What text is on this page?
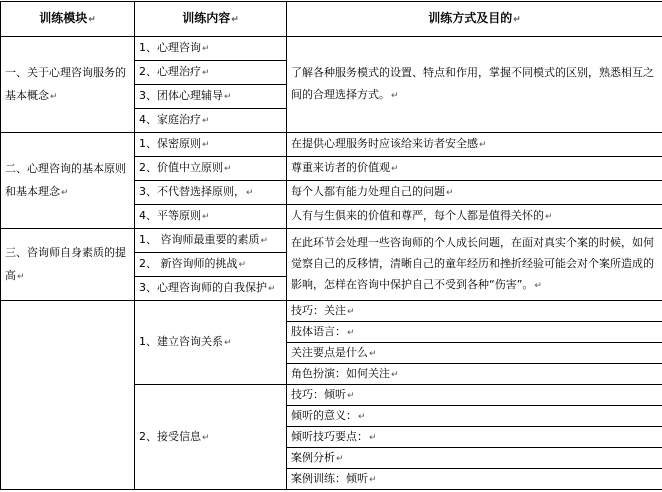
训练模块↵	训练内容↵	训练方式及目的↵
一、关于心理咨询服务的基本概念↵	1、心理咨询↵	了解各种服务模式的设置、特点和作用，掌握不同模式的区别，熟悉相互之间的合理选择方式。↵
	2、心理治疗↵	
	3、团体心理辅导↵	
	4、家庭治疗↵	
二、心理咨询的基本原则和基本理念↵	1、保密原则↵	在提供心理服务时应该给来访者安全感↵
	2、价值中立原则↵	尊重来访者的价值观↵
	3、不代替选择原则，↵	每个人都有能力处理自己的问题↵
	4、平等原则↵	人有与生俱来的价值和尊严，每个人都是值得关怀的↵
三、咨询师自身素质的提高↵	1、 咨询师最重要的素质↵	在此环节会处理一些咨询师的个人成长问题，在面对真实个案的时候，如何觉察自己的反移情，清晰自己的童年经历和挫折经验可能会对个案所造成的影响，怎样在咨询中保护自己不受到各种“伤害”。↵
	2、 新咨询师的挑战↵	
	3、心理咨询师的自我保护↵	
	1、建立咨询关系↵	技巧：关注↵
		肢体语言：↵
		关注要点是什么↵
		角色扮演：如何关注↵
	2、接受信息↵	技巧：倾听↵
		倾听的意义：↵
		倾听技巧要点：↵
		案例分析↵
		案例训练：倾听↵
